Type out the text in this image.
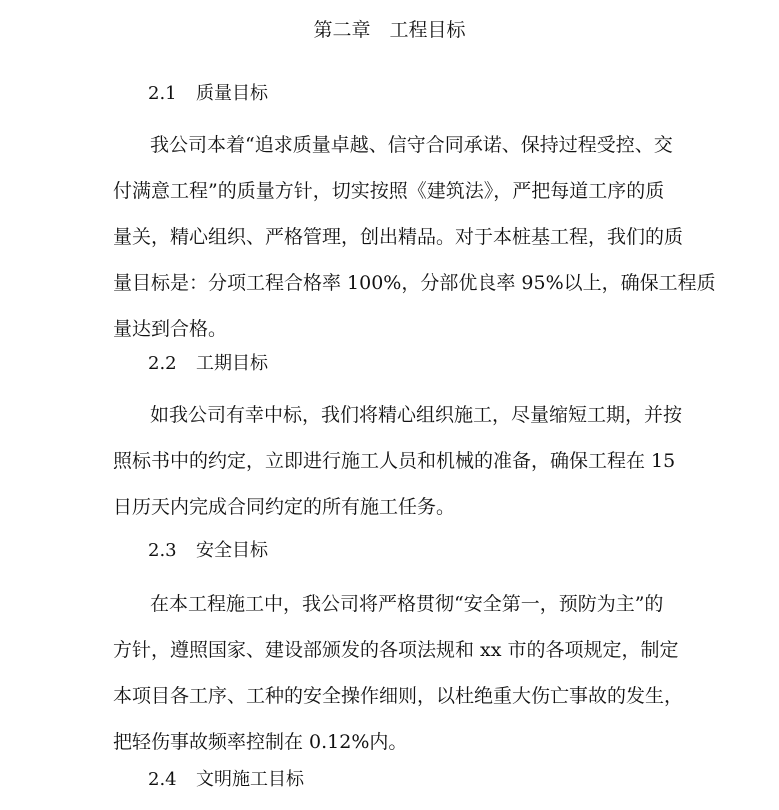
第二章　工程目标
2.1 质量目标
我公司本着“追求质量卓越、信守合同承诺、保持过程受控、交
付满意工程”的质量方针，切实按照《建筑法》，严把每道工序的质
量关，精心组织、严格管理，创出精品。对于本桩基工程，我们的质
量目标是：分项工程合格率 100%，分部优良率 95%以上，确保工程质
量达到合格。
2.2 工期目标
如我公司有幸中标，我们将精心组织施工，尽量缩短工期，并按
照标书中的约定，立即进行施工人员和机械的准备，确保工程在 15
日历天内完成合同约定的所有施工任务。
2.3 安全目标
在本工程施工中，我公司将严格贯彻“安全第一，预防为主”的
方针，遵照国家、建设部颁发的各项法规和 xx 市的各项规定，制定
本项目各工序、工种的安全操作细则，以杜绝重大伤亡事故的发生，
把轻伤事故频率控制在 0.12%内。
2.4 文明施工目标
